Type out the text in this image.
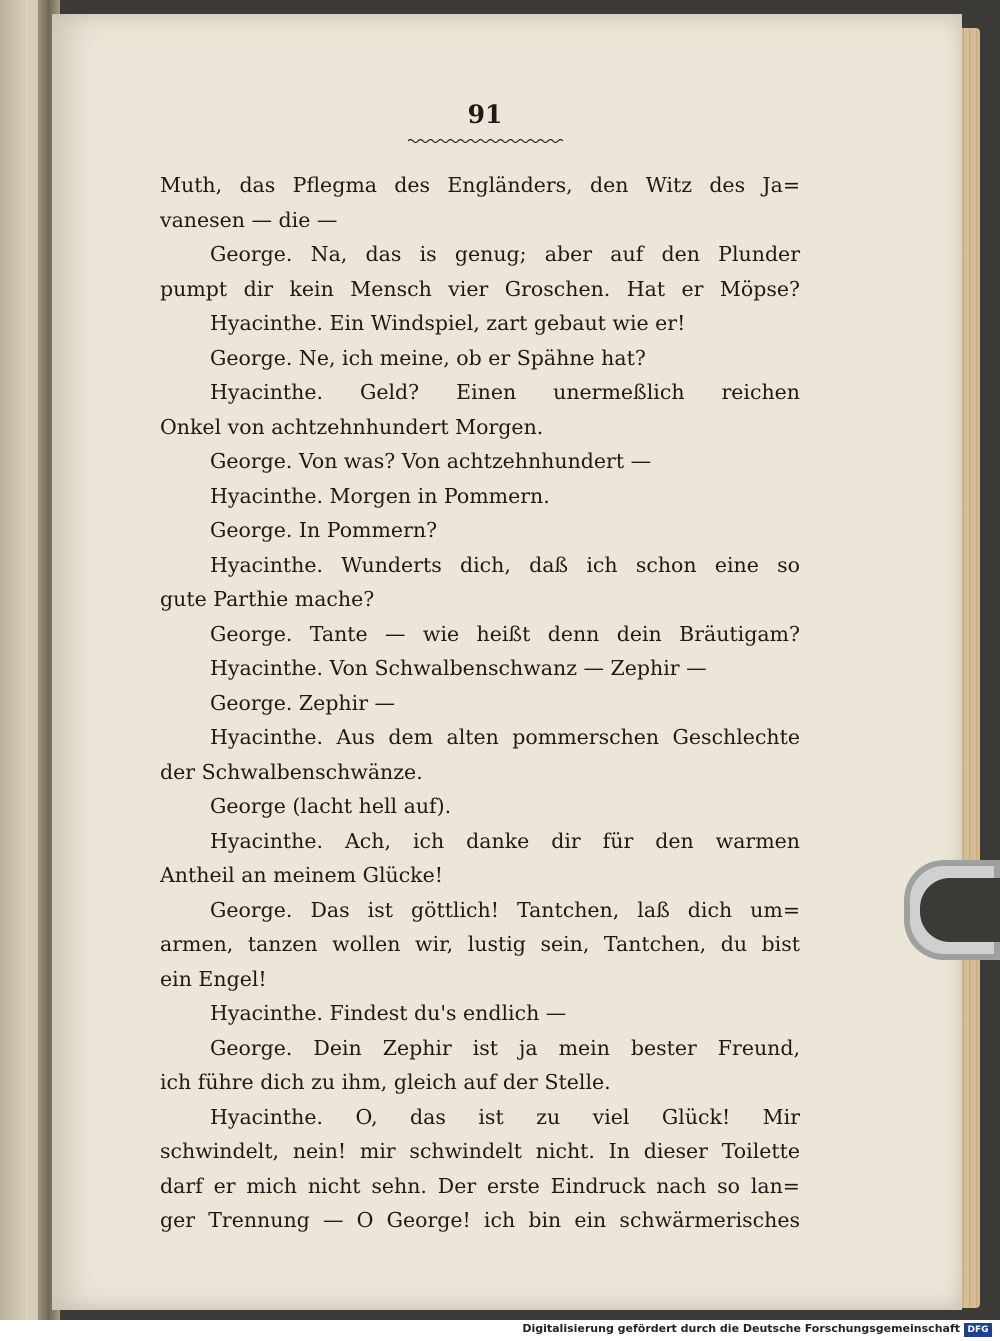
91
Muth, das Pflegma des Engländers, den Witz des Ja=
vanesen — die —
George. Na, das is genug; aber auf den Plunder
pumpt dir kein Mensch vier Groschen. Hat er Möpse?
Hyacinthe. Ein Windspiel, zart gebaut wie er!
George. Ne, ich meine, ob er Spähne hat?
Hyacinthe. Geld? Einen unermeßlich reichen
Onkel von achtzehnhundert Morgen.
George. Von was? Von achtzehnhundert —
Hyacinthe. Morgen in Pommern.
George. In Pommern?
Hyacinthe. Wunderts dich, daß ich schon eine so
gute Parthie mache?
George. Tante — wie heißt denn dein Bräutigam?
Hyacinthe. Von Schwalbenschwanz — Zephir —
George. Zephir —
Hyacinthe. Aus dem alten pommerschen Geschlechte
der Schwalbenschwänze.
George (lacht hell auf).
Hyacinthe. Ach, ich danke dir für den warmen
Antheil an meinem Glücke!
George. Das ist göttlich! Tantchen, laß dich um=
armen, tanzen wollen wir, lustig sein, Tantchen, du bist
ein Engel!
Hyacinthe. Findest du's endlich —
George. Dein Zephir ist ja mein bester Freund,
ich führe dich zu ihm, gleich auf der Stelle.
Hyacinthe. O, das ist zu viel Glück! Mir
schwindelt, nein! mir schwindelt nicht. In dieser Toilette
darf er mich nicht sehn. Der erste Eindruck nach so lan=
ger Trennung — O George! ich bin ein schwärmerisches
Digitalisierung gefördert durch die Deutsche Forschungsgemeinschaft DFG
